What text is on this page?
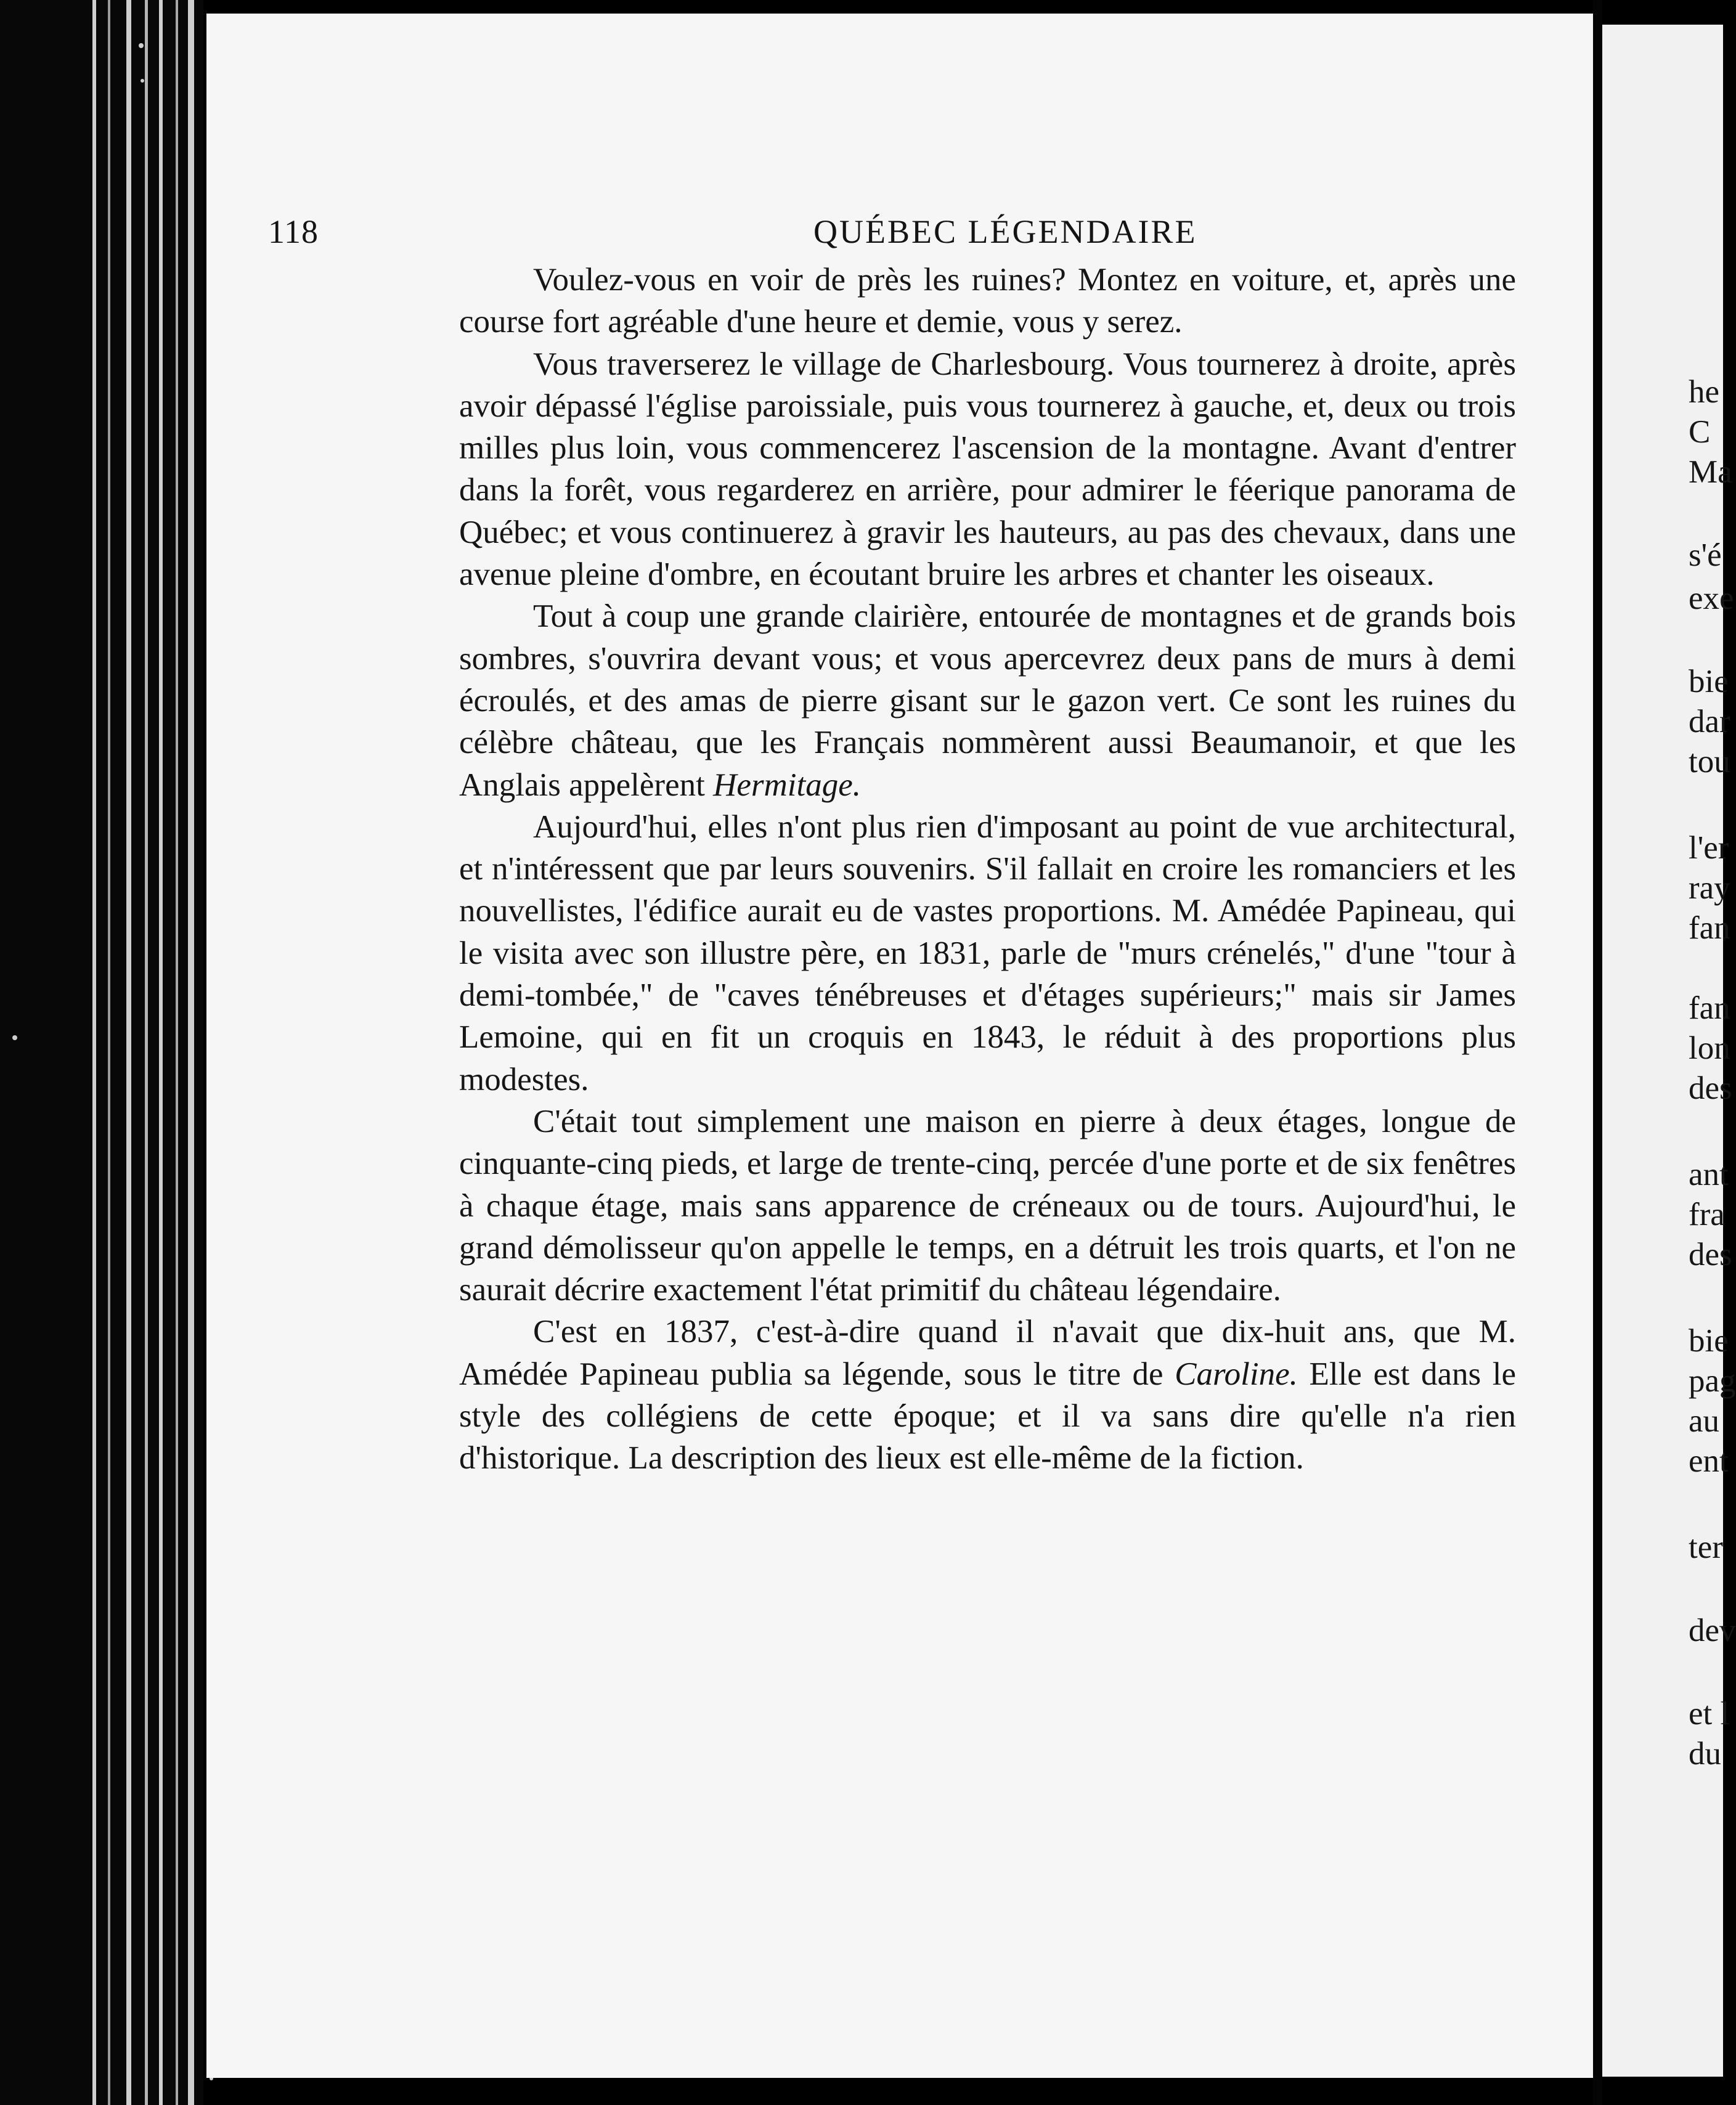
118	QUÉBEC LÉGENDAIRE

Voulez-vous en voir de près les ruines? Montez en voiture, et, après une course fort agréable d'une heure et demie, vous y serez.

Vous traverserez le village de Charlesbourg. Vous tournerez à droite, après avoir dépassé l'église paroissiale, puis vous tournerez à gauche, et, deux ou trois milles plus loin, vous commencerez l'ascension de la montagne. Avant d'entrer dans la forêt, vous regarderez en arrière, pour admirer le féerique panorama de Québec; et vous continuerez à gravir les hauteurs, au pas des chevaux, dans une avenue pleine d'ombre, en écoutant bruire les arbres et chanter les oiseaux.

Tout à coup une grande clairière, entourée de montagnes et de grands bois sombres, s'ouvrira devant vous; et vous apercevrez deux pans de murs à demi écroulés, et des amas de pierre gisant sur le gazon vert. Ce sont les ruines du célèbre château, que les Français nommèrent aussi Beaumanoir, et que les Anglais appelèrent Hermitage.

Aujourd'hui, elles n'ont plus rien d'imposant au point de vue architectural, et n'intéressent que par leurs souvenirs. S'il fallait en croire les romanciers et les nouvellistes, l'édifice aurait eu de vastes proportions. M. Amédée Papineau, qui le visita avec son illustre père, en 1831, parle de "murs crénelés," d'une "tour à demi-tombée," de "caves ténébreuses et d'étages supérieurs;" mais sir James Lemoine, qui en fit un croquis en 1843, le réduit à des proportions plus modestes.

C'était tout simplement une maison en pierre à deux étages, longue de cinquante-cinq pieds, et large de trente-cinq, percée d'une porte et de six fenêtres à chaque étage, mais sans apparence de créneaux ou de tours. Aujourd'hui, le grand démolisseur qu'on appelle le temps, en a détruit les trois quarts, et l'on ne saurait décrire exactement l'état primitif du château légendaire.

C'est en 1837, c'est-à-dire quand il n'avait que dix-huit ans, que M. Amédée Papineau publia sa légende, sous le titre de Caroline. Elle est dans le style des collégiens de cette époque; et il va sans dire qu'elle n'a rien d'historique. La description des lieux est elle-même de la fiction.

he
C
Ma
s'é
exe
bie
dar
tou
l'er
ray
fan
fan
lon
des
ant
fra
des
bie
pag
au
ent
ter
dev
et l
du
